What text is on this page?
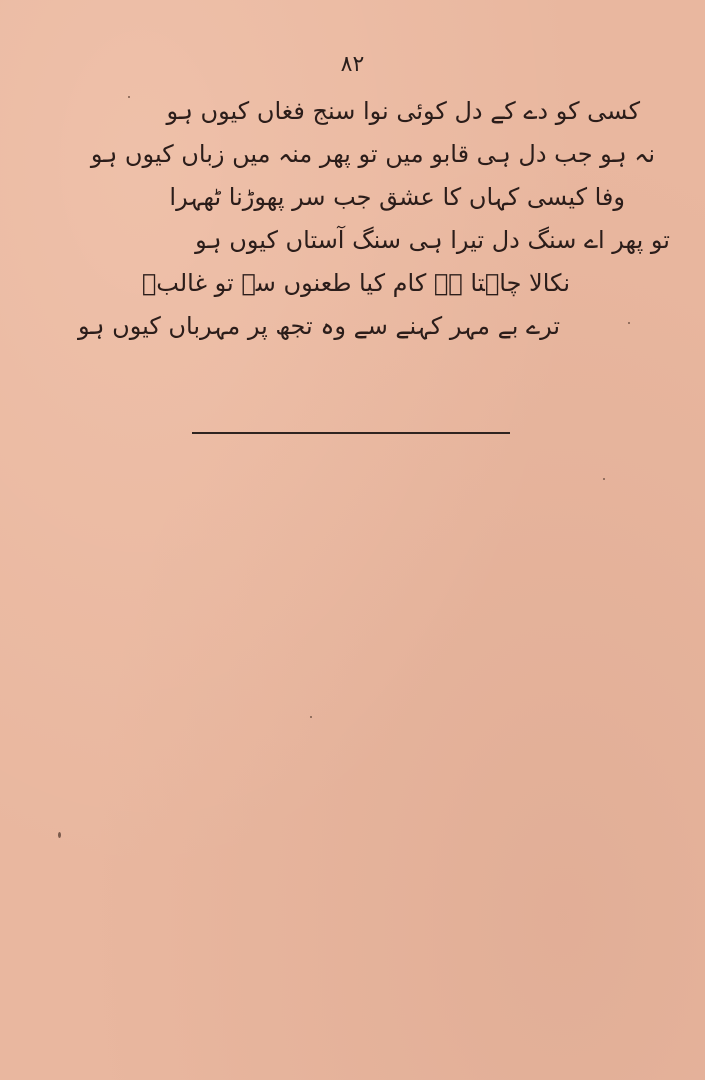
۸۲
کسی کو دے کے دل کوئی نوا سنج فغاں کیوں ہو
نہ ہو جب دل ہی قابو میں تو پھر منہ میں زباں کیوں ہو
وفا کیسی کہاں کا عشق جب سر پھوڑنا ٹھہرا
تو پھر اے سنگ دل تیرا ہی سنگ آستاں کیوں ہو
نکالا چاہتا ہے کام کیا طعنوں سے تو غالبؔ
ترے بے مہر کہنے سے وہ تجھ پر مہرباں کیوں ہو
